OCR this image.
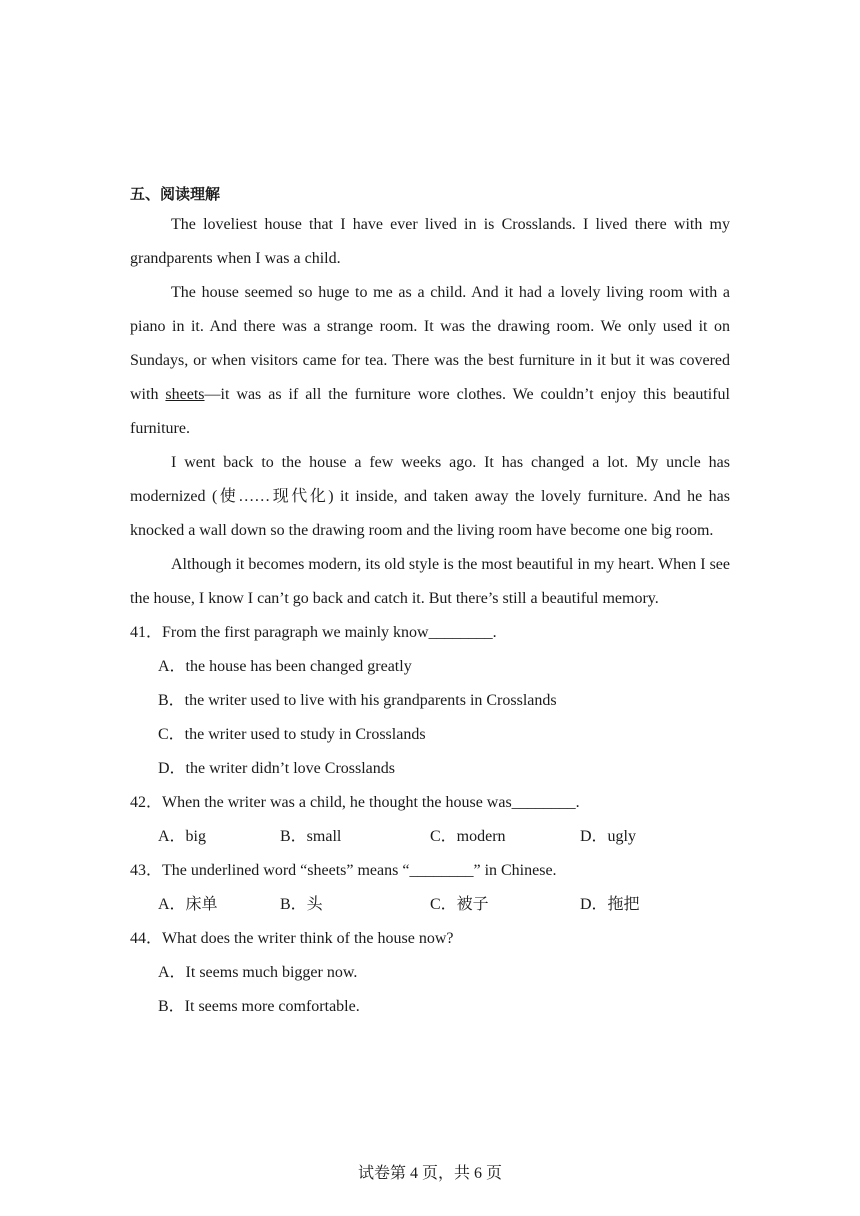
五、阅读理解

The loveliest house that I have ever lived in is Crosslands. I lived there with my grandparents when I was a child.

The house seemed so huge to me as a child. And it had a lovely living room with a piano in it. And there was a strange room. It was the drawing room. We only used it on Sundays, or when visitors came for tea. There was the best furniture in it but it was covered with sheets—it was as if all the furniture wore clothes. We couldn’t enjoy this beautiful furniture.

I went back to the house a few weeks ago. It has changed a lot. My uncle has modernized (使……现代化) it inside, and taken away the lovely furniture. And he has knocked a wall down so the drawing room and the living room have become one big room.

Although it becomes modern, its old style is the most beautiful in my heart. When I see the house, I know I can’t go back and catch it. But there’s still a beautiful memory.

41．From the first paragraph we mainly know________.

A．the house has been changed greatly

B．the writer used to live with his grandparents in Crosslands

C．the writer used to study in Crosslands

D．the writer didn’t love Crosslands

42．When the writer was a child, he thought the house was________.

A．big	B．small	C．modern	D．ugly

43．The underlined word “sheets” means “________” in Chinese.

A．床单	B．头	C．被子	D．拖把

44．What does the writer think of the house now?

A．It seems much bigger now.

B．It seems more comfortable.

试卷第 4 页，共 6 页
